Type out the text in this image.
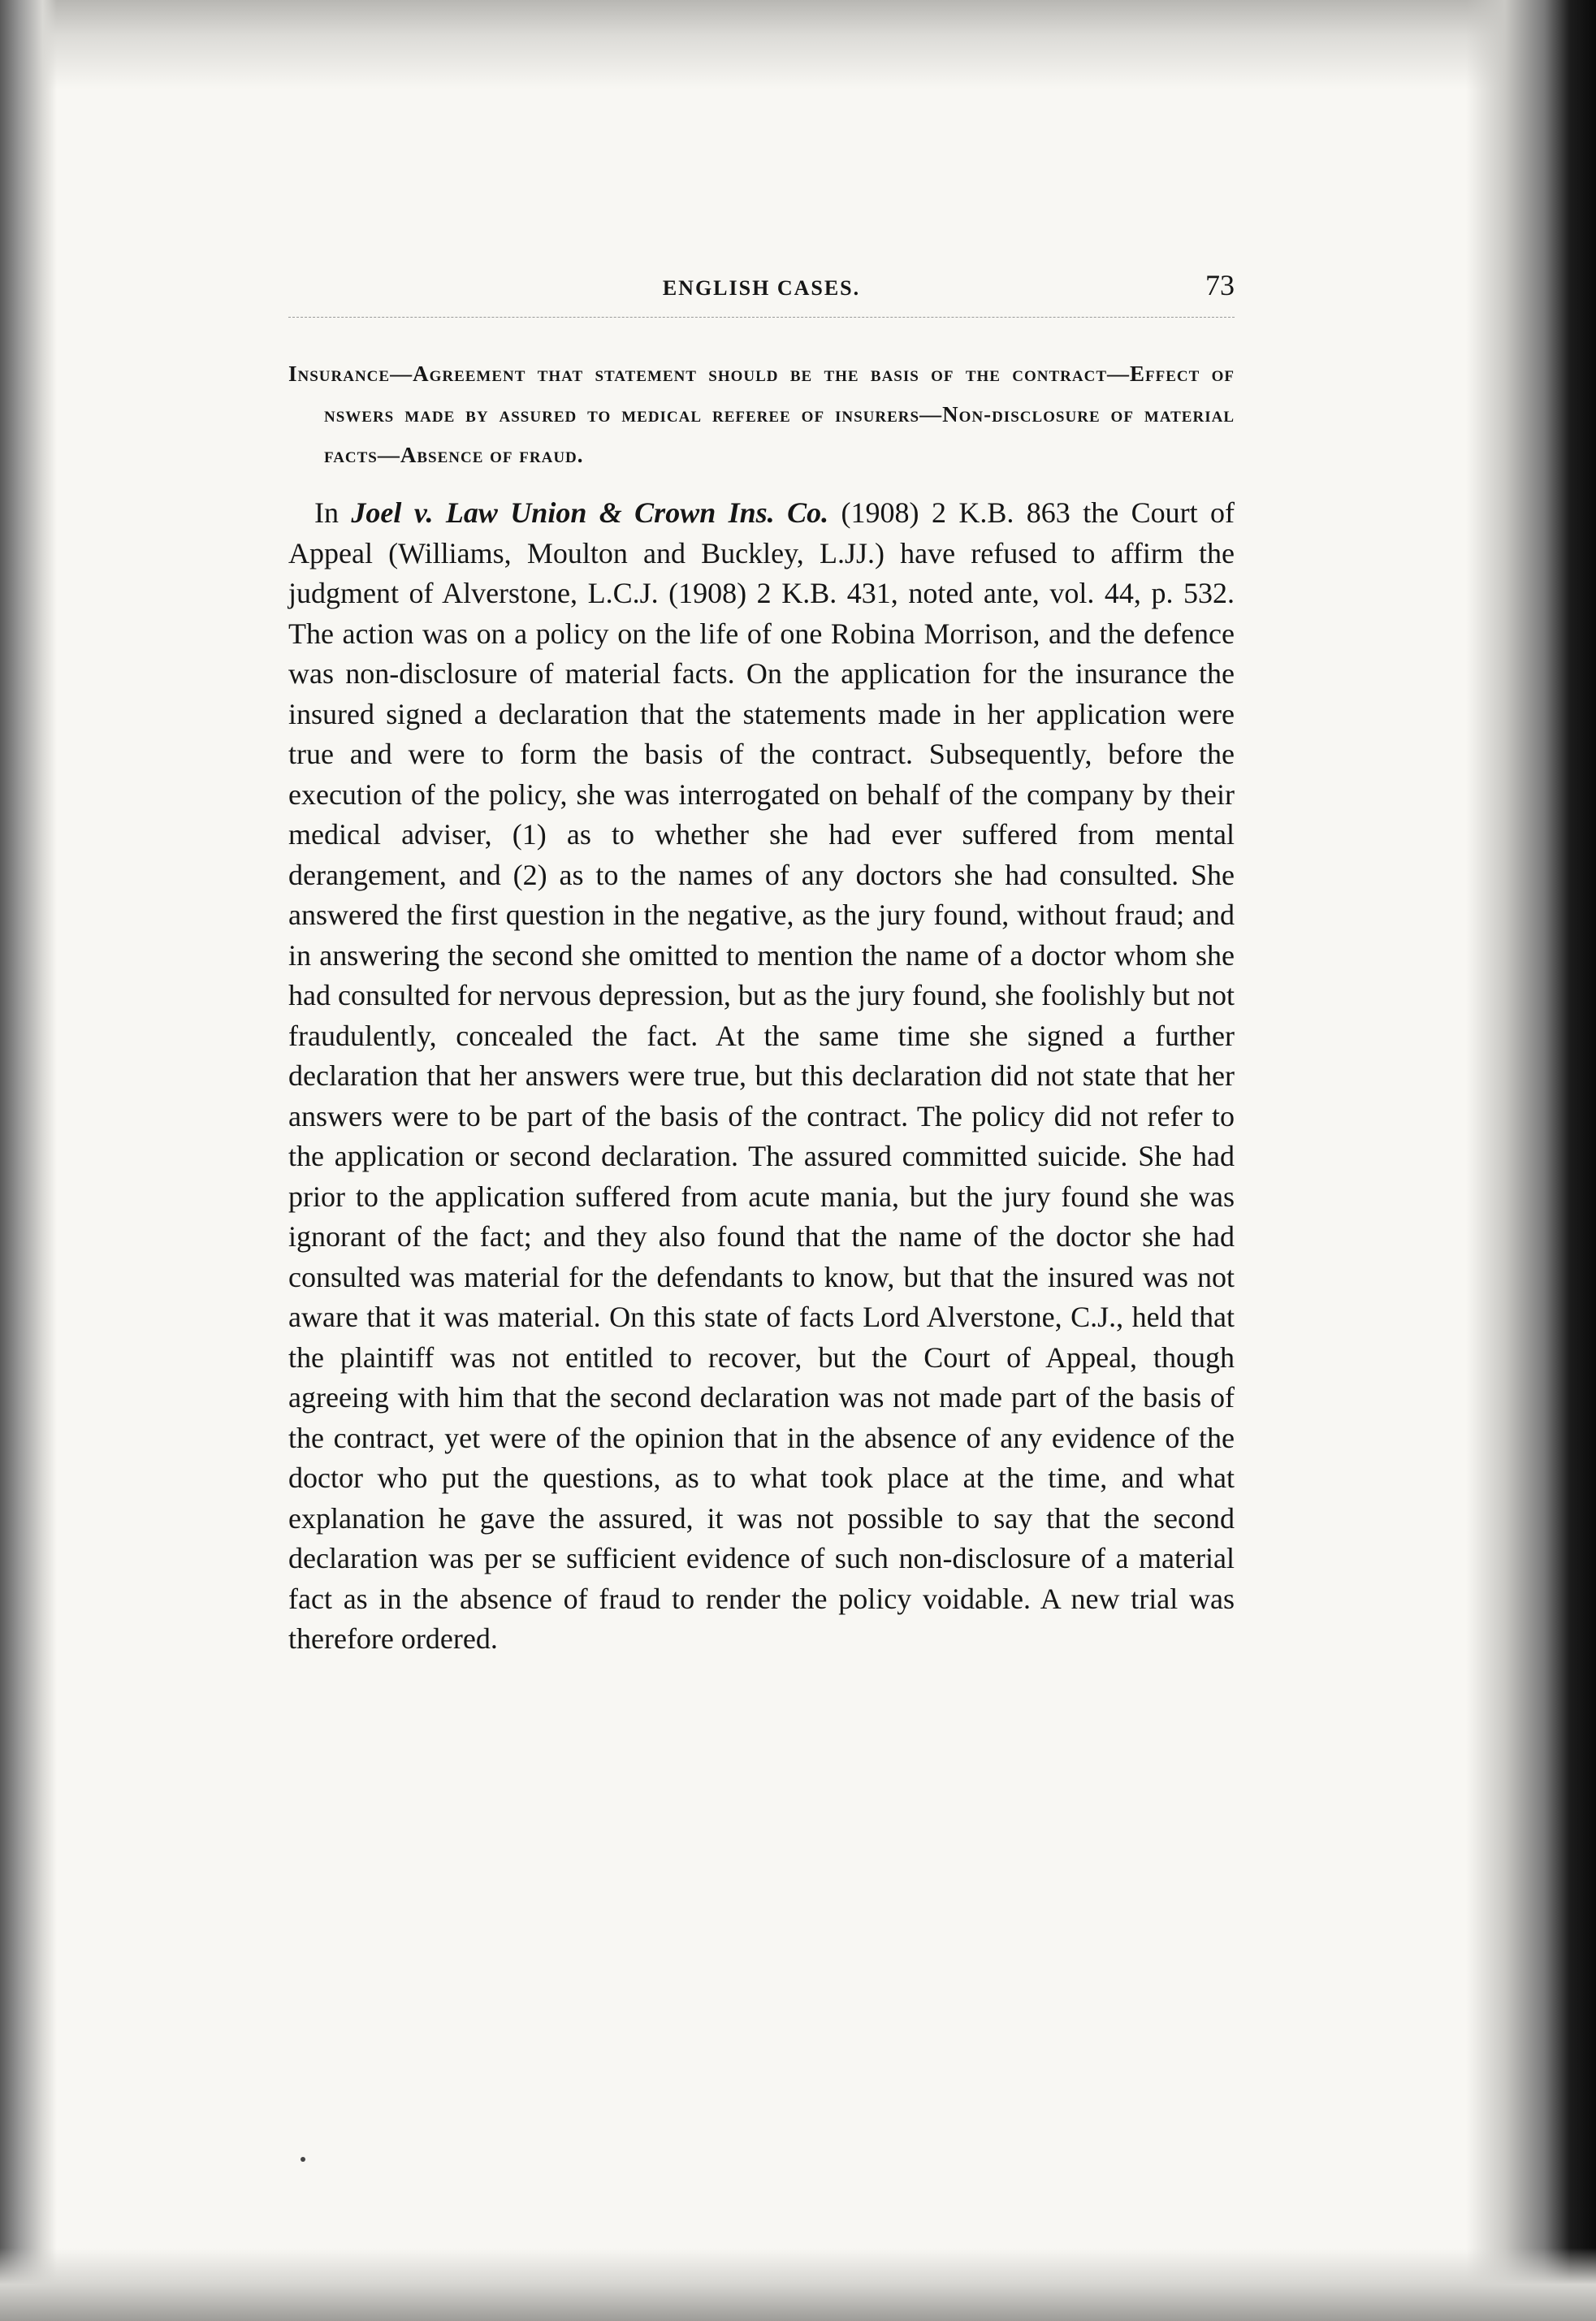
ENGLISH CASES.	73
Insurance—Agreement that statement should be the basis of the contract—Effect of nswers made by assured to medical referee of insurers—Non-disclosure of material facts—Absence of fraud.
In Joel v. Law Union & Crown Ins. Co. (1908) 2 K.B. 863 the Court of Appeal (Williams, Moulton and Buckley, L.JJ.) have refused to affirm the judgment of Alverstone, L.C.J. (1908) 2 K.B. 431, noted ante, vol. 44, p. 532. The action was on a policy on the life of one Robina Morrison, and the defence was non-disclosure of material facts. On the application for the insurance the insured signed a declaration that the statements made in her application were true and were to form the basis of the contract. Subsequently, before the execution of the policy, she was interrogated on behalf of the company by their medical adviser, (1) as to whether she had ever suffered from mental derangement, and (2) as to the names of any doctors she had consulted. She answered the first question in the negative, as the jury found, without fraud; and in answering the second she omitted to mention the name of a doctor whom she had consulted for nervous depression, but as the jury found, she foolishly but not fraudulently, concealed the fact. At the same time she signed a further declaration that her answers were true, but this declaration did not state that her answers were to be part of the basis of the contract. The policy did not refer to the application or second declaration. The assured committed suicide. She had prior to the application suffered from acute mania, but the jury found she was ignorant of the fact; and they also found that the name of the doctor she had consulted was material for the defendants to know, but that the insured was not aware that it was material. On this state of facts Lord Alverstone, C.J., held that the plaintiff was not entitled to recover, but the Court of Appeal, though agreeing with him that the second declaration was not made part of the basis of the contract, yet were of the opinion that in the absence of any evidence of the doctor who put the questions, as to what took place at the time, and what explanation he gave the assured, it was not possible to say that the second declaration was per se sufficient evidence of such non-disclosure of a material fact as in the absence of fraud to render the policy voidable. A new trial was therefore ordered.
